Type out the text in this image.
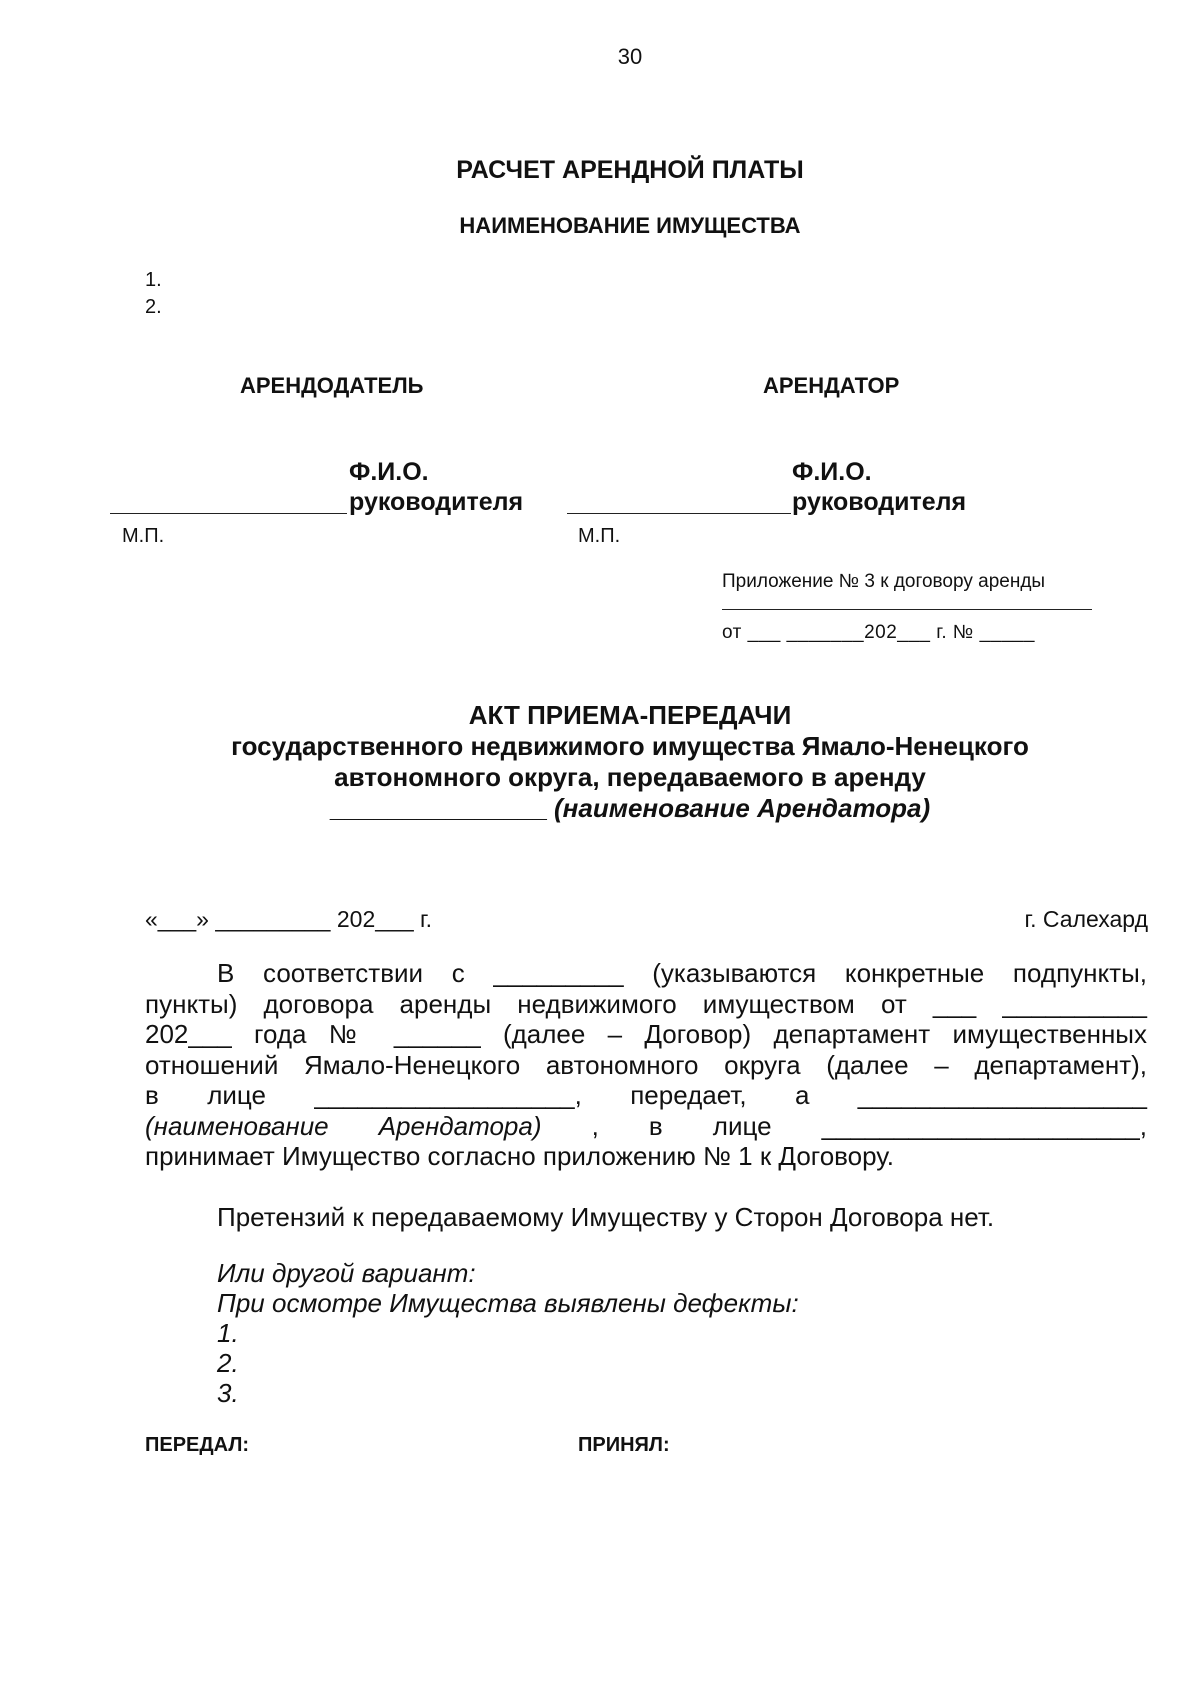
30
РАСЧЕТ АРЕНДНОЙ ПЛАТЫ
НАИМЕНОВАНИЕ ИМУЩЕСТВА
1.
2.
АРЕНДОДАТЕЛЬ	АРЕНДАТОР
Ф.И.О.	Ф.И.О.
руководителя	руководителя
М.П.	М.П.
Приложение № 3 к договору аренды
от ___ _______202___ г. № _____
АКТ ПРИЕМА-ПЕРЕДАЧИ
государственного недвижимого имущества Ямало-Ненецкого
автономного округа, передаваемого в аренду
_______________ (наименование Арендатора)
«___» _________ 202___ г.	г. Салехард
В соответствии с _________ (указываются конкретные подпункты,
пункты) договора аренды недвижимого имуществом от ___ __________
202___ года № ______ (далее – Договор) департамент имущественных
отношений Ямало-Ненецкого автономного округа (далее – департамент),
в лице __________________, передает, а ____________________
(наименование Арендатора) , в лице ______________________,
принимает Имущество согласно приложению № 1 к Договору.
Претензий к передаваемому Имуществу у Сторон Договора нет.
Или другой вариант:
При осмотре Имущества выявлены дефекты:
1.
2.
3.
ПЕРЕДАЛ:	ПРИНЯЛ:
